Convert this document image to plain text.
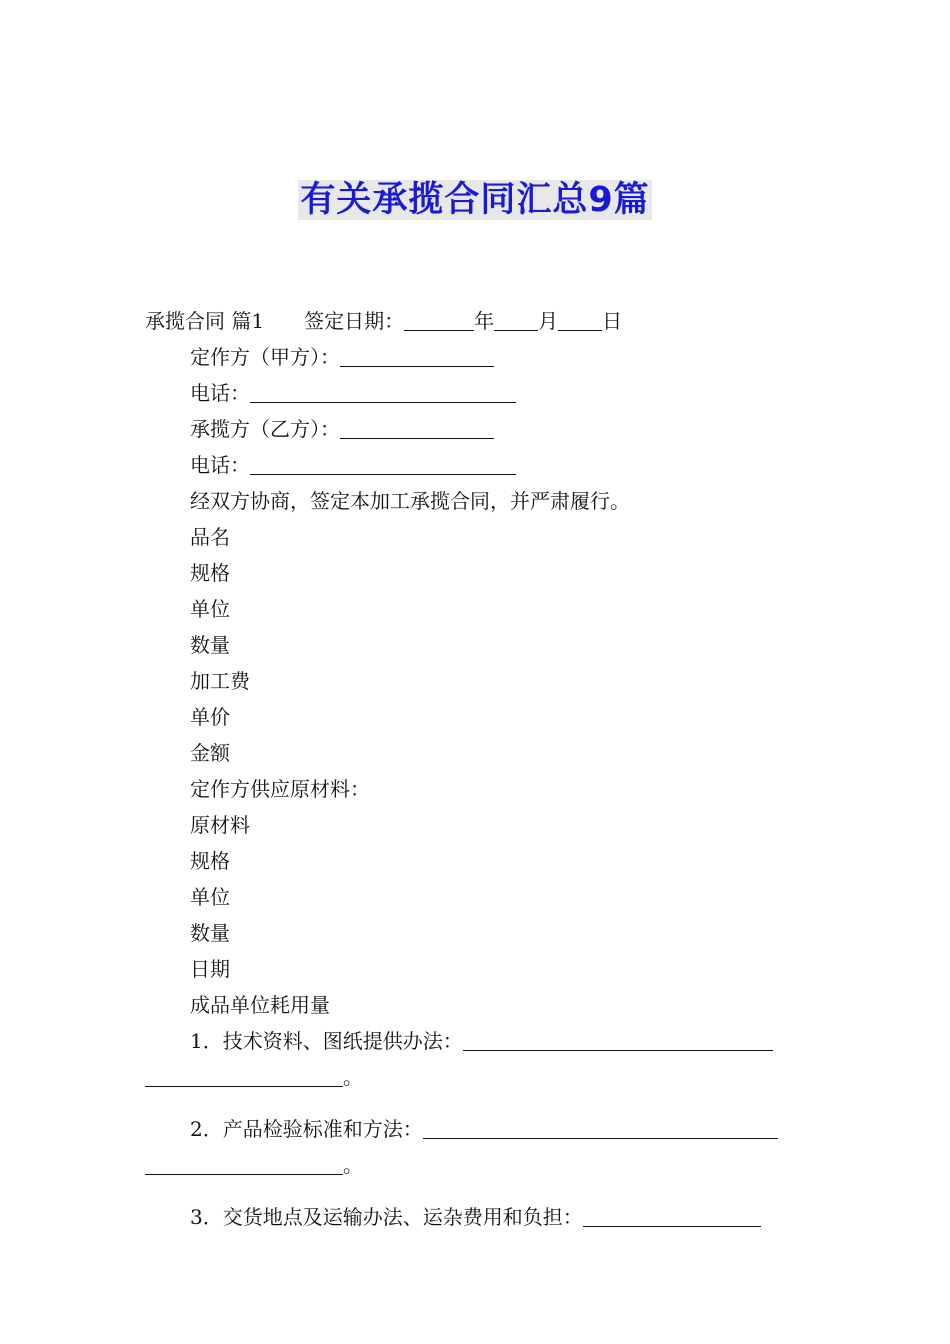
有关承揽合同汇总9篇
承揽合同 篇1 签定日期：	年 月 日
定作方（甲方）：
电话：
承揽方（乙方）：
电话：
经双方协商，签定本加工承揽合同，并严肃履行。
品名
规格
单位
数量
加工费
单价
金额
定作方供应原材料：
原材料
规格
单位
数量
日期
成品单位耗用量
1．技术资料、图纸提供办法：
。
2．产品检验标准和方法：
。
3．交货地点及运输办法、运杂费用和负担：
